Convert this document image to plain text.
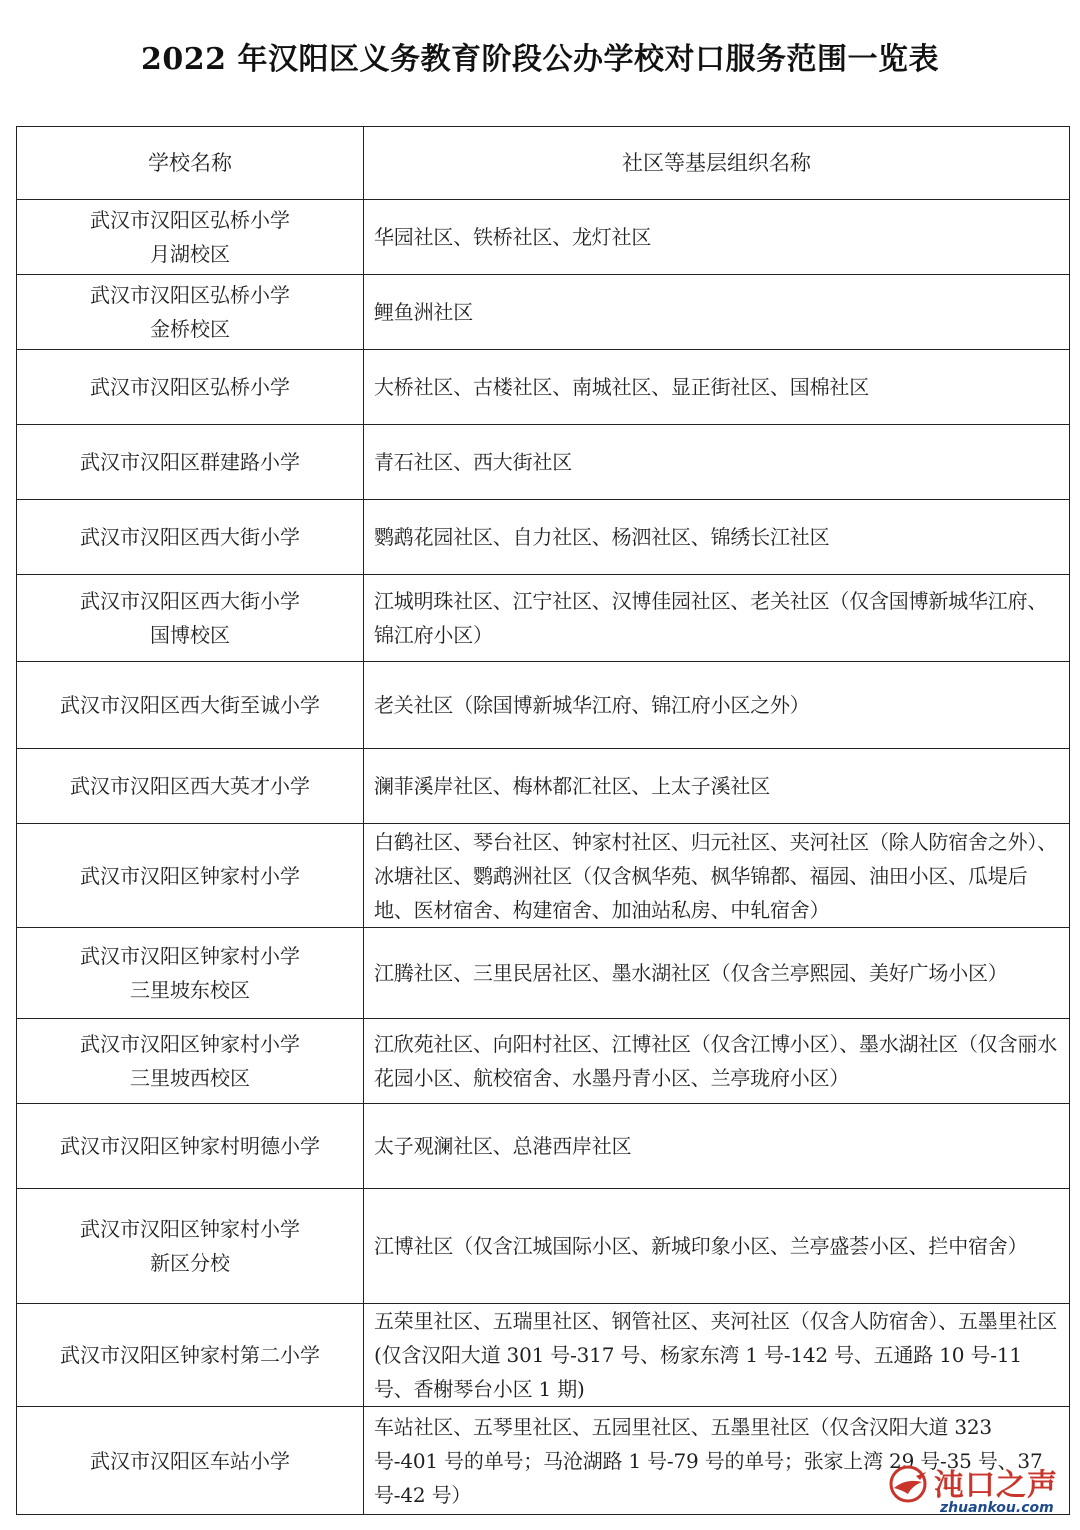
2022 年汉阳区义务教育阶段公办学校对口服务范围一览表
学校名称	社区等基层组织名称
武汉市汉阳区弘桥小学
月湖校区	华园社区、铁桥社区、龙灯社区
武汉市汉阳区弘桥小学
金桥校区	鲤鱼洲社区
武汉市汉阳区弘桥小学	大桥社区、古楼社区、南城社区、显正街社区、国棉社区
武汉市汉阳区群建路小学	青石社区、西大街社区
武汉市汉阳区西大街小学	鹦鹉花园社区、自力社区、杨泗社区、锦绣长江社区
武汉市汉阳区西大街小学
国博校区	江城明珠社区、江宁社区、汉博佳园社区、老关社区（仅含国博新城华江府、锦江府小区）
武汉市汉阳区西大街至诚小学	老关社区（除国博新城华江府、锦江府小区之外）
武汉市汉阳区西大英才小学	澜菲溪岸社区、梅林都汇社区、上太子溪社区
武汉市汉阳区钟家村小学	白鹤社区、琴台社区、钟家村社区、归元社区、夹河社区（除人防宿舍之外）、冰塘社区、鹦鹉洲社区（仅含枫华苑、枫华锦都、福园、油田小区、瓜堤后地、医材宿舍、构建宿舍、加油站私房、中轧宿舍）
武汉市汉阳区钟家村小学
三里坡东校区	江腾社区、三里民居社区、墨水湖社区（仅含兰亭熙园、美好广场小区）
武汉市汉阳区钟家村小学
三里坡西校区	江欣苑社区、向阳村社区、江博社区（仅含江博小区）、墨水湖社区（仅含丽水花园小区、航校宿舍、水墨丹青小区、兰亭珑府小区）
武汉市汉阳区钟家村明德小学	太子观澜社区、总港西岸社区
武汉市汉阳区钟家村小学
新区分校	江博社区（仅含江城国际小区、新城印象小区、兰亭盛荟小区、拦中宿舍）
武汉市汉阳区钟家村第二小学	五荣里社区、五瑞里社区、钢管社区、夹河社区（仅含人防宿舍）、五墨里社区(仅含汉阳大道 301 号-317 号、杨家东湾 1 号-142 号、五通路 10 号-11 号、香榭琴台小区 1 期)
武汉市汉阳区车站小学	车站社区、五琴里社区、五园里社区、五墨里社区（仅含汉阳大道 323 号-401 号的单号；马沧湖路 1 号-79 号的单号；张家上湾 29 号-35 号、37 号-42 号）	沌口之声
zhuankou.com
